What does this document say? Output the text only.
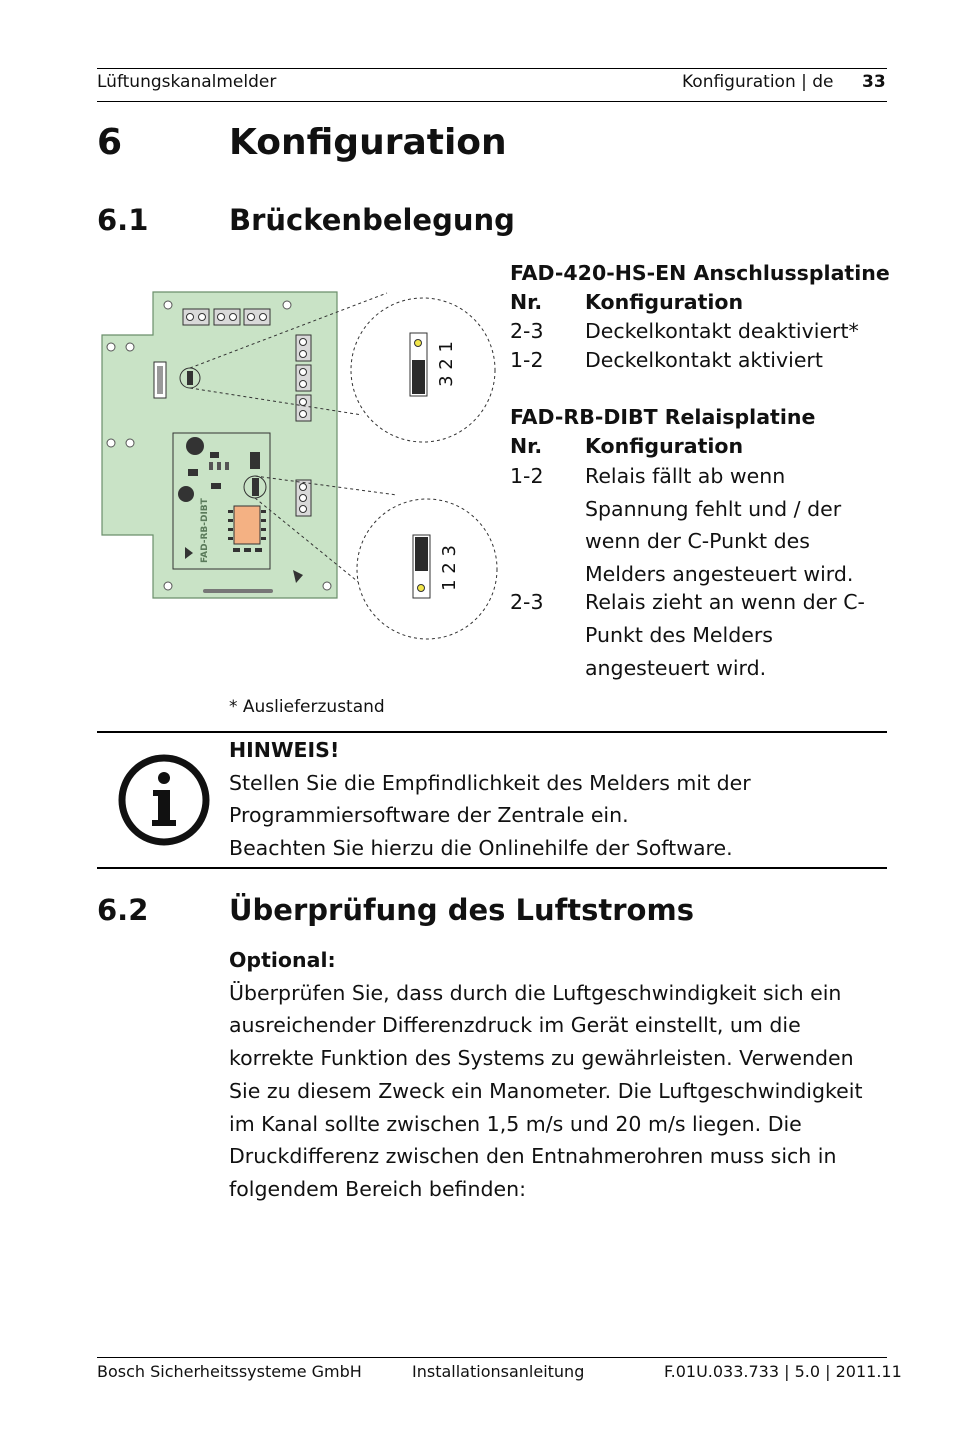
Lüftungskanalmelder	Konfiguration | de 33
6	Konfiguration
6.1	Brückenbelegung
FAD-RB-DIBT
3 2 1
1 2 3
FAD-420-HS-EN Anschlussplatine
Nr.	Konfiguration
2-3	Deckelkontakt deaktiviert*
1-2	Deckelkontakt aktiviert
FAD-RB-DIBT Relaisplatine
Nr.	Konfiguration
1-2	Relais fällt ab wenn Spannung fehlt und / der wenn der C-Punkt des Melders angesteuert wird.
2-3	Relais zieht an wenn der C-Punkt des Melders angesteuert wird.
* Auslieferzustand
HINWEIS!
Stellen Sie die Empfindlichkeit des Melders mit der
Programmiersoftware der Zentrale ein.
Beachten Sie hierzu die Onlinehilfe der Software.
6.2	Überprüfung des Luftstroms
Optional:
Überprüfen Sie, dass durch die Luftgeschwindigkeit sich ein
ausreichender Differenzdruck im Gerät einstellt, um die
korrekte Funktion des Systems zu gewährleisten. Verwenden
Sie zu diesem Zweck ein Manometer. Die Luftgeschwindigkeit
im Kanal sollte zwischen 1,5 m/s und 20 m/s liegen. Die
Druckdifferenz zwischen den Entnahmerohren muss sich in
folgendem Bereich befinden:
Bosch Sicherheitssysteme GmbH	Installationsanleitung	F.01U.033.733 | 5.0 | 2011.11
